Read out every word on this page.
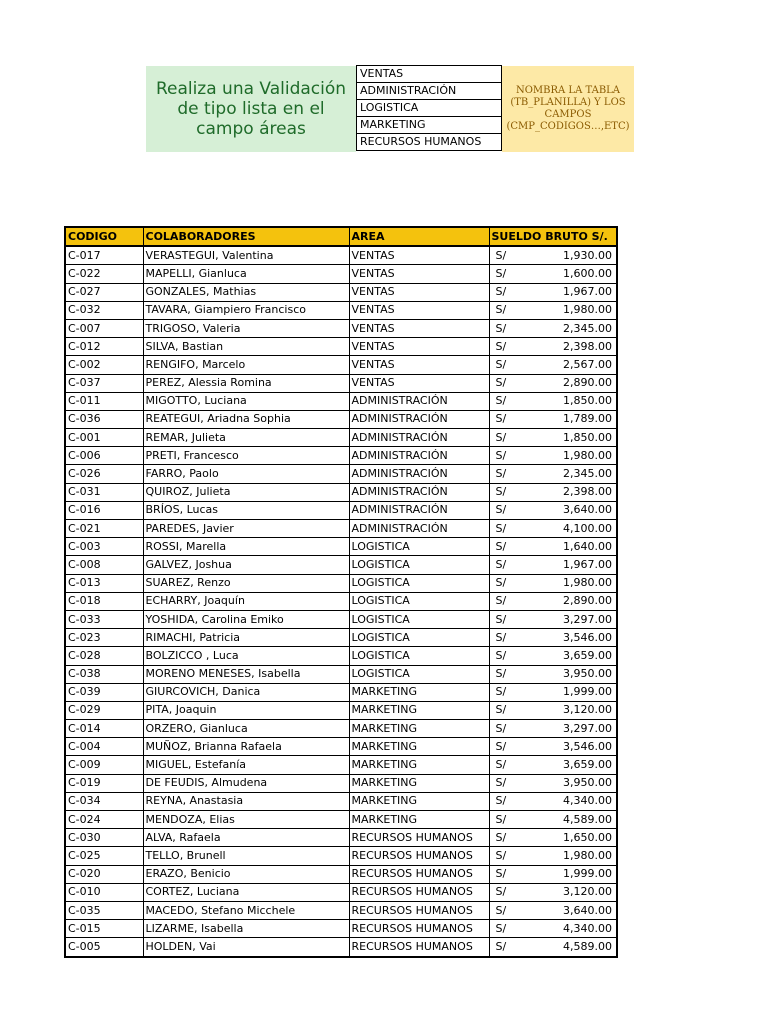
Realiza una Validación de tipo lista en el campo áreas
VENTAS
ADMINISTRACIÓN
LOGISTICA
MARKETING
RECURSOS HUMANOS
NOMBRA LA TABLA (TB_PLANILLA) Y LOS CAMPOS (CMP_CODIGOS…,ETC)
CODIGO	COLABORADORES	AREA	SUELDO BRUTO S/.
C-017	VERASTEGUI, Valentina	VENTAS	S/ 1,930.00

C-022	MAPELLI, Gianluca	VENTAS	S/ 1,600.00

C-027	GONZALES, Mathias	VENTAS	S/ 1,967.00

C-032	TAVARA, Giampiero Francisco	VENTAS	S/ 1,980.00

C-007	TRIGOSO, Valeria	VENTAS	S/ 2,345.00

C-012	SILVA, Bastian	VENTAS	S/ 2,398.00

C-002	RENGIFO, Marcelo	VENTAS	S/ 2,567.00

C-037	PEREZ, Alessia Romina	VENTAS	S/ 2,890.00

C-011	MIGOTTO, Luciana	ADMINISTRACIÓN	S/ 1,850.00

C-036	REATEGUI, Ariadna Sophia	ADMINISTRACIÓN	S/ 1,789.00

C-001	REMAR, Julieta	ADMINISTRACIÓN	S/ 1,850.00

C-006	PRETI, Francesco	ADMINISTRACIÓN	S/ 1,980.00

C-026	FARRO, Paolo	ADMINISTRACIÓN	S/ 2,345.00

C-031	QUIROZ, Julieta	ADMINISTRACIÓN	S/ 2,398.00

C-016	BRÍOS, Lucas	ADMINISTRACIÓN	S/ 3,640.00

C-021	PAREDES, Javier	ADMINISTRACIÓN	S/ 4,100.00

C-003	ROSSI, Marella	LOGISTICA	S/ 1,640.00

C-008	GALVEZ, Joshua	LOGISTICA	S/ 1,967.00

C-013	SUAREZ, Renzo	LOGISTICA	S/ 1,980.00

C-018	ECHARRY, Joaquín	LOGISTICA	S/ 2,890.00

C-033	YOSHIDA, Carolina Emiko	LOGISTICA	S/ 3,297.00

C-023	RIMACHI, Patricia	LOGISTICA	S/ 3,546.00

C-028	BOLZICCO , Luca	LOGISTICA	S/ 3,659.00

C-038	MORENO MENESES, Isabella	LOGISTICA	S/ 3,950.00

C-039	GIURCOVICH, Danica	MARKETING	S/ 1,999.00

C-029	PITA, Joaquin	MARKETING	S/ 3,120.00

C-014	ORZERO, Gianluca	MARKETING	S/ 3,297.00

C-004	MUÑOZ, Brianna Rafaela	MARKETING	S/ 3,546.00

C-009	MIGUEL, Estefanía	MARKETING	S/ 3,659.00

C-019	DE FEUDIS, Almudena	MARKETING	S/ 3,950.00

C-034	REYNA, Anastasia	MARKETING	S/ 4,340.00

C-024	MENDOZA, Elias	MARKETING	S/ 4,589.00

C-030	ALVA, Rafaela	RECURSOS HUMANOS	S/ 1,650.00

C-025	TELLO, Brunell	RECURSOS HUMANOS	S/ 1,980.00

C-020	ERAZO, Benicio	RECURSOS HUMANOS	S/ 1,999.00

C-010	CORTEZ, Luciana	RECURSOS HUMANOS	S/ 3,120.00

C-035	MACEDO, Stefano Micchele	RECURSOS HUMANOS	S/ 3,640.00

C-015	LIZARME, Isabella	RECURSOS HUMANOS	S/ 4,340.00

C-005	HOLDEN, Vai	RECURSOS HUMANOS	S/ 4,589.00
